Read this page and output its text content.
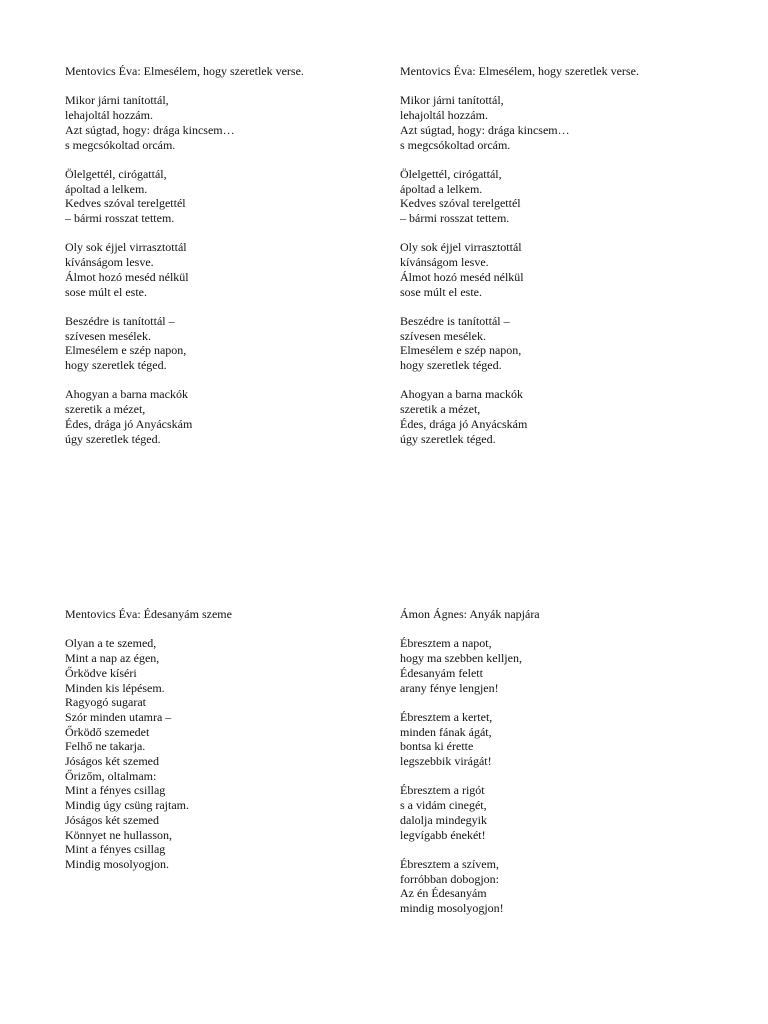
Mentovics Éva: Elmesélem, hogy szeretlek verse.
Mikor járni tanítottál,
lehajoltál hozzám.
Azt súgtad, hogy: drága kincsem…
s megcsókoltad orcám.
Ölelgettél, cirógattál,
ápoltad a lelkem.
Kedves szóval terelgettél
– bármi rosszat tettem.
Oly sok éjjel virrasztottál
kívánságom lesve.
Álmot hozó meséd nélkül
sose múlt el este.
Beszédre is tanítottál –
szívesen mesélek.
Elmesélem e szép napon,
hogy szeretlek téged.
Ahogyan a barna mackók
szeretik a mézet,
Édes, drága jó Anyácskám
úgy szeretlek téged.
Mentovics Éva: Elmesélem, hogy szeretlek verse.
Mikor járni tanítottál,
lehajoltál hozzám.
Azt súgtad, hogy: drága kincsem…
s megcsókoltad orcám.
Ölelgettél, cirógattál,
ápoltad a lelkem.
Kedves szóval terelgettél
– bármi rosszat tettem.
Oly sok éjjel virrasztottál
kívánságom lesve.
Álmot hozó meséd nélkül
sose múlt el este.
Beszédre is tanítottál –
szívesen mesélek.
Elmesélem e szép napon,
hogy szeretlek téged.
Ahogyan a barna mackók
szeretik a mézet,
Édes, drága jó Anyácskám
úgy szeretlek téged.
Mentovics Éva: Édesanyám szeme
Olyan a te szemed,
Mint a nap az égen,
Őrködve kíséri
Minden kis lépésem.
Ragyogó sugarat
Szór minden utamra –
Őrködő szemedet
Felhő ne takarja.
Jóságos két szemed
Őrizőm, oltalmam:
Mint a fényes csillag
Mindig úgy csüng rajtam.
Jóságos két szemed
Könnyet ne hullasson,
Mint a fényes csillag
Mindig mosolyogjon.
Ámon Ágnes: Anyák napjára
Ébresztem a napot,
hogy ma szebben kelljen,
Édesanyám felett
arany fénye lengjen!
Ébresztem a kertet,
minden fának ágát,
bontsa ki érette
legszebbik virágát!
Ébresztem a rigót
s a vidám cinegét,
dalolja mindegyik
legvígabb énekét!
Ébresztem a szívem,
forróbban dobogjon:
Az én Édesanyám
mindig mosolyogjon!
